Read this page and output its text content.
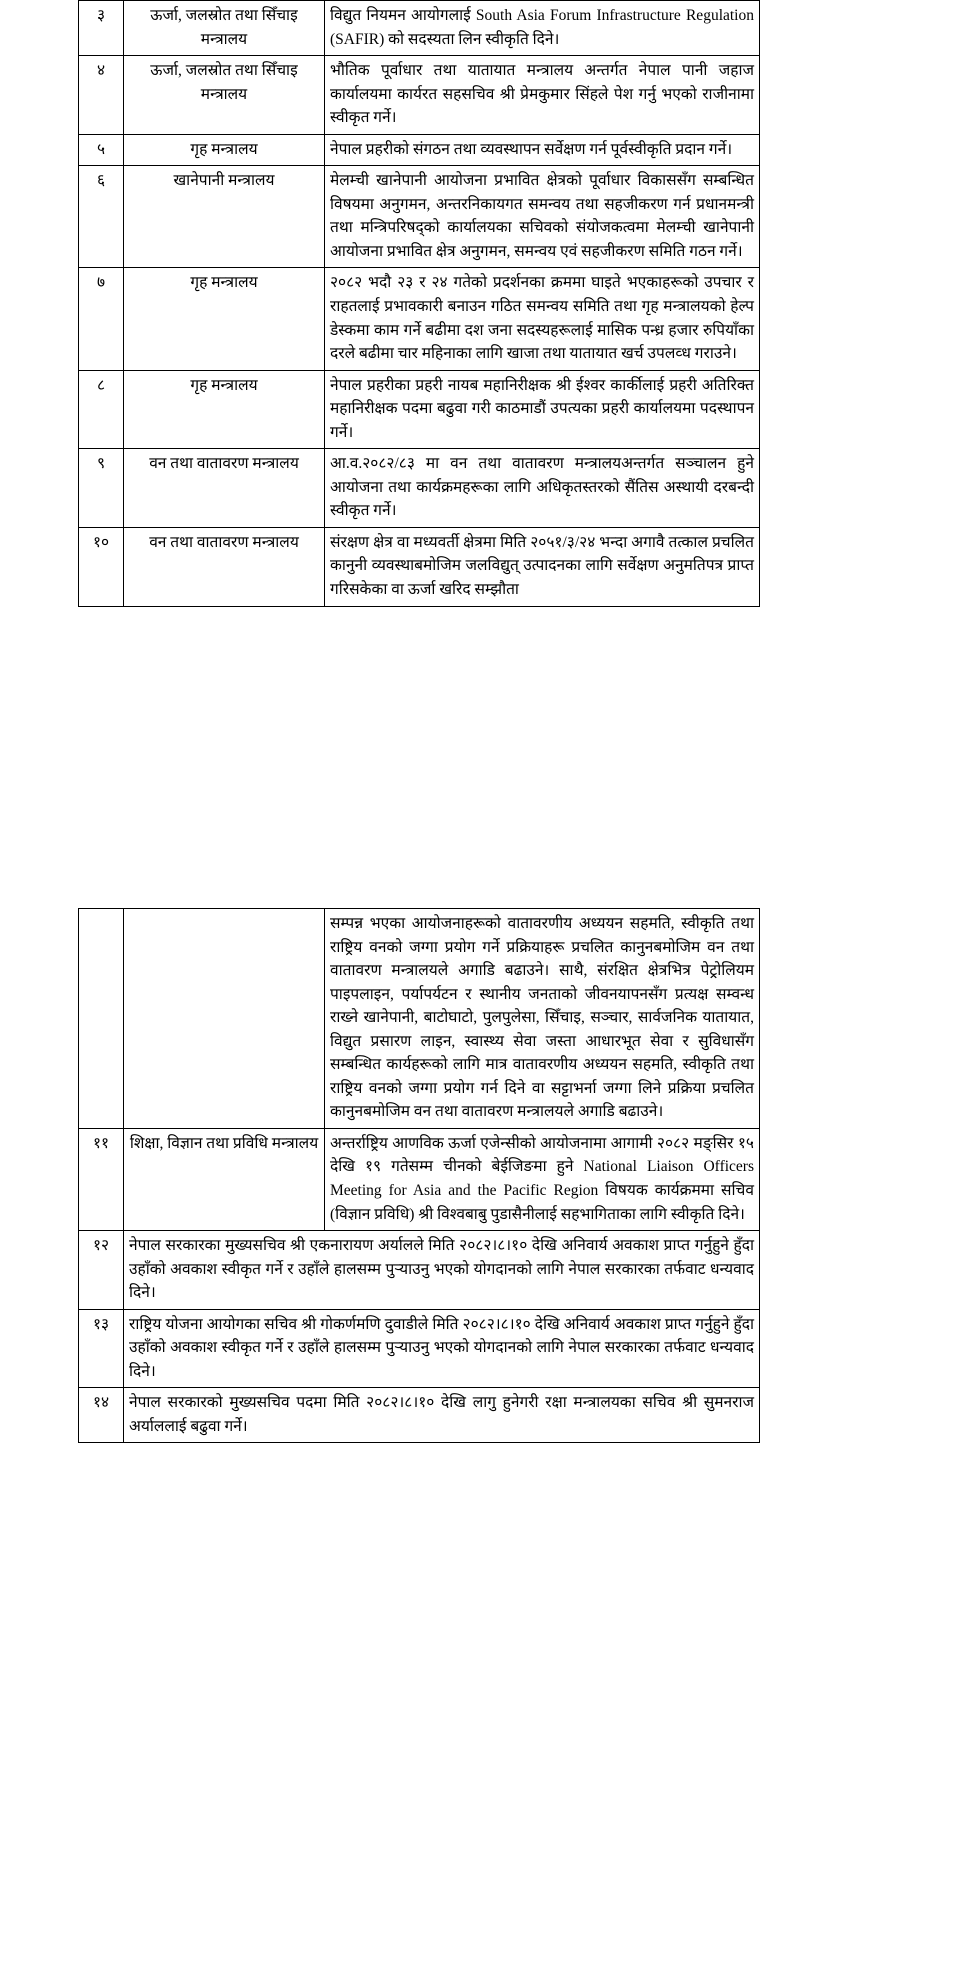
३	ऊर्जा, जलस्रोत तथा सिँचाइ मन्त्रालय	विद्युत नियमन आयोगलाई South Asia Forum Infrastructure Regulation (SAFIR) को सदस्यता लिन स्वीकृति दिने।
४	ऊर्जा, जलस्रोत तथा सिँचाइ मन्त्रालय	भौतिक पूर्वाधार तथा यातायात मन्त्रालय अन्तर्गत नेपाल पानी जहाज कार्यालयमा कार्यरत सहसचिव श्री प्रेमकुमार सिंहले पेश गर्नु भएको राजीनामा स्वीकृत गर्ने।
५	गृह मन्त्रालय	नेपाल प्रहरीको संगठन तथा व्यवस्थापन सर्वेक्षण गर्न पूर्वस्वीकृति प्रदान गर्ने।
६	खानेपानी मन्त्रालय	मेलम्ची खानेपानी आयोजना प्रभावित क्षेत्रको पूर्वाधार विकाससँग सम्बन्धित विषयमा अनुगमन, अन्तरनिकायगत समन्वय तथा सहजीकरण गर्न प्रधानमन्त्री तथा मन्त्रिपरिषद्को कार्यालयका सचिवको संयोजकत्वमा मेलम्ची खानेपानी आयोजना प्रभावित क्षेत्र अनुगमन, समन्वय एवं सहजीकरण समिति गठन गर्ने।
७	गृह मन्त्रालय	२०८२ भदौ २३ र २४ गतेको प्रदर्शनका क्रममा घाइते भएकाहरूको उपचार र राहतलाई प्रभावकारी बनाउन गठित समन्वय समिति तथा गृह मन्त्रालयको हेल्प डेस्कमा काम गर्ने बढीमा दश जना सदस्यहरूलाई मासिक पन्ध्र हजार रुपियाँका दरले बढीमा चार महिनाका लागि खाजा तथा यातायात खर्च उपलव्ध गराउने।
८	गृह मन्त्रालय	नेपाल प्रहरीका प्रहरी नायब महानिरीक्षक श्री ईश्वर कार्कीलाई प्रहरी अतिरिक्त महानिरीक्षक पदमा बढुवा गरी काठमाडौं उपत्यका प्रहरी कार्यालयमा पदस्थापन गर्ने।
९	वन तथा वातावरण मन्त्रालय	आ.व.२०८२/८३ मा वन तथा वातावरण मन्त्रालयअन्तर्गत सञ्चालन हुने आयोजना तथा कार्यक्रमहरूका लागि अधिकृतस्तरको सैंतिस अस्थायी दरबन्दी स्वीकृत गर्ने।
१०	वन तथा वातावरण मन्त्रालय	संरक्षण क्षेत्र वा मध्यवर्ती क्षेत्रमा मिति २०५१/३/२४ भन्दा अगावै तत्काल प्रचलित कानुनी व्यवस्थाबमोजिम जलविद्युत् उत्पादनका लागि सर्वेक्षण अनुमतिपत्र प्राप्त गरिसकेका वा ऊर्जा खरिद सम्झौता
		सम्पन्न भएका आयोजनाहरूको वातावरणीय अध्ययन सहमति, स्वीकृति तथा राष्ट्रिय वनको जग्गा प्रयोग गर्ने प्रक्रियाहरू प्रचलित कानुनबमोजिम वन तथा वातावरण मन्त्रालयले अगाडि बढाउने। साथै, संरक्षित क्षेत्रभित्र पेट्रोलियम पाइपलाइन, पर्यापर्यटन र स्थानीय जनताको जीवनयापनसँग प्रत्यक्ष सम्वन्ध राख्ने खानेपानी, बाटोघाटो, पुलपुलेसा, सिँचाइ, सञ्चार, सार्वजनिक यातायात, विद्युत प्रसारण लाइन, स्वास्थ्य सेवा जस्ता आधारभूत सेवा र सुविधासँग सम्बन्धित कार्यहरूको लागि मात्र वातावरणीय अध्ययन सहमति, स्वीकृति तथा राष्ट्रिय वनको जग्गा प्रयोग गर्न दिने वा सट्टाभर्ना जग्गा लिने प्रक्रिया प्रचलित कानुनबमोजिम वन तथा वातावरण मन्त्रालयले अगाडि बढाउने।
११	शिक्षा, विज्ञान तथा प्रविधि मन्त्रालय	अन्तर्राष्ट्रिय आणविक ऊर्जा एजेन्सीको आयोजनामा आगामी २०८२ मङ्सिर १५ देखि १९ गतेसम्म चीनको बेईजिङमा हुने National Liaison Officers Meeting for Asia and the Pacific Region विषयक कार्यक्रममा सचिव (विज्ञान प्रविधि) श्री विश्वबाबु पुडासैनीलाई सहभागिताका लागि स्वीकृति दिने।
१२	नेपाल सरकारका मुख्यसचिव श्री एकनारायण अर्यालले मिति २०८२।८।१० देखि अनिवार्य अवकाश प्राप्त गर्नुहुने हुँदा उहाँको अवकाश स्वीकृत गर्ने र उहाँले हालसम्म पुऱ्याउनु भएको योगदानको लागि नेपाल सरकारका तर्फवाट धन्यवाद दिने।	
१३	राष्ट्रिय योजना आयोगका सचिव श्री गोकर्णमणि दुवाडीले मिति २०८२।८।१० देखि अनिवार्य अवकाश प्राप्त गर्नुहुने हुँदा उहाँको अवकाश स्वीकृत गर्ने र उहाँले हालसम्म पुऱ्याउनु भएको योगदानको लागि नेपाल सरकारका तर्फवाट धन्यवाद दिने।	
१४	नेपाल सरकारको मुख्यसचिव पदमा मिति २०८२।८।१० देखि लागु हुनेगरी रक्षा मन्त्रालयका सचिव श्री सुमनराज अर्याललाई बढुवा गर्ने।	
